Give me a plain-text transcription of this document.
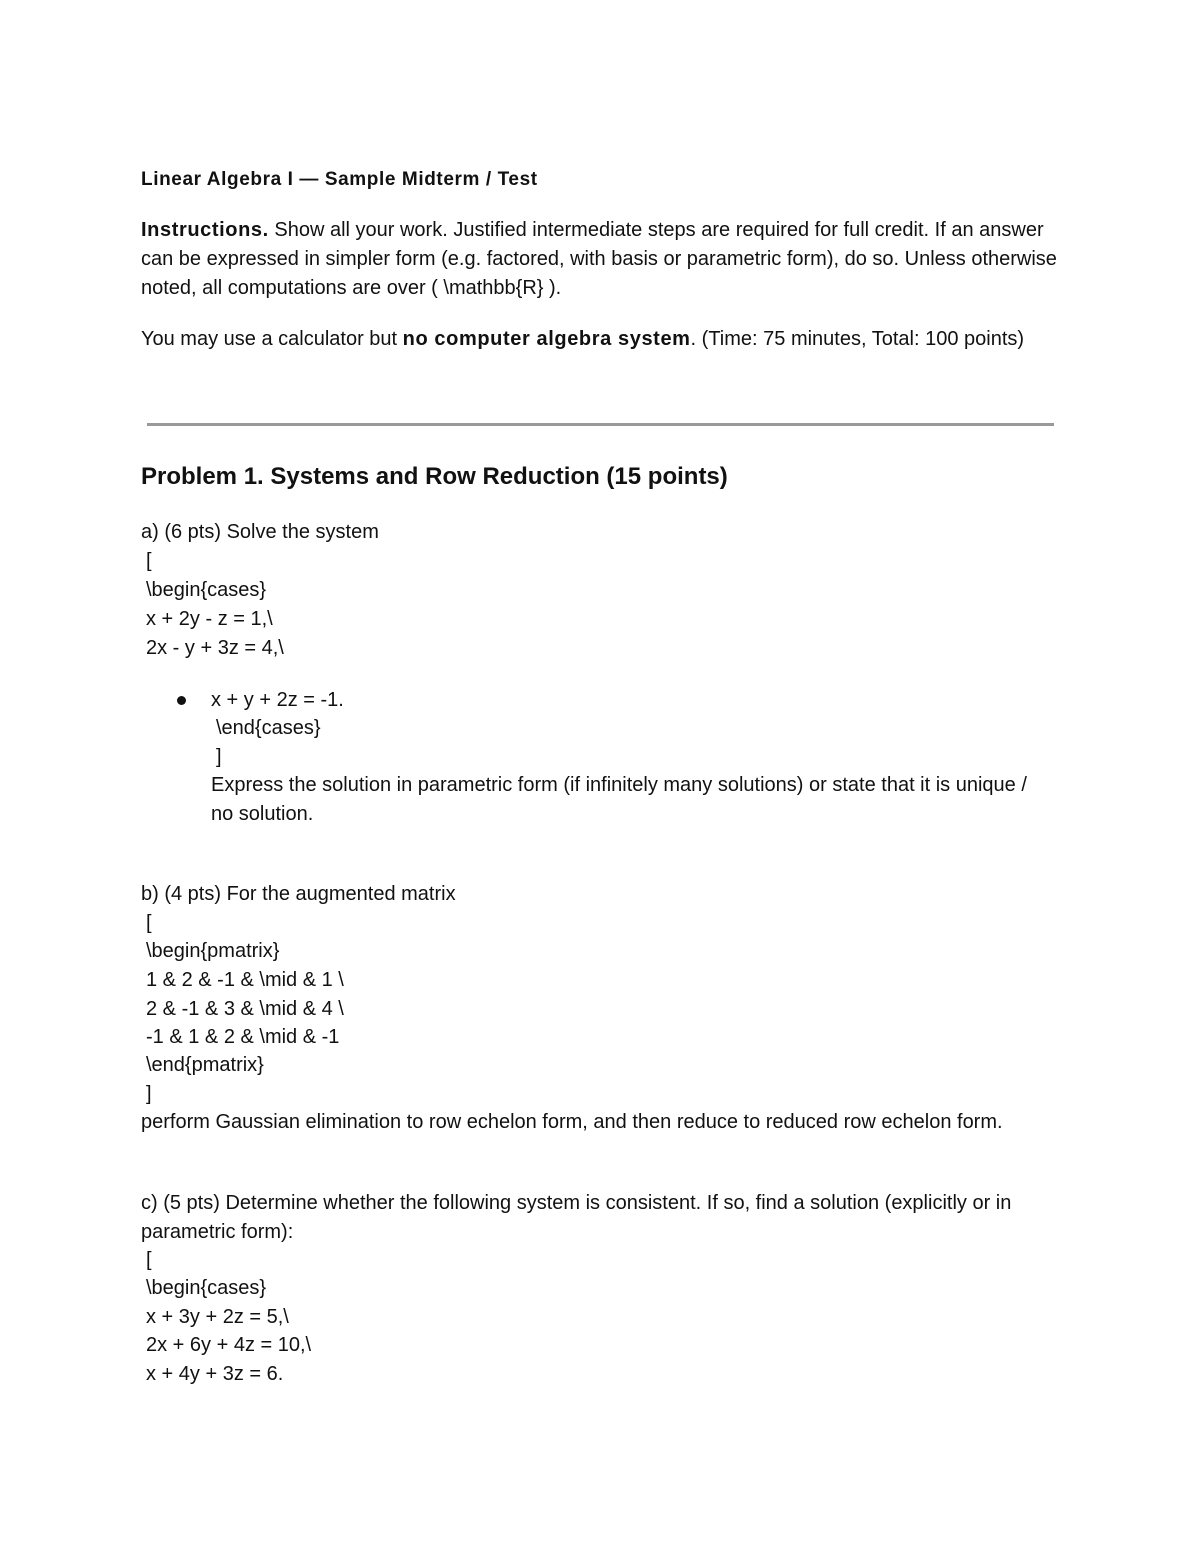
Linear Algebra I — Sample Midterm / Test

Instructions. Show all your work. Justified intermediate steps are required for full credit. If an answer can be expressed in simpler form (e.g. factored, with basis or parametric form), do so. Unless otherwise noted, all computations are over ( \mathbb{R} ).

You may use a calculator but no computer algebra system. (Time: 75 minutes, Total: 100 points)

Problem 1. Systems and Row Reduction (15 points)

a) (6 pts) Solve the system

[

\begin{cases}

x + 2y - z = 1,\

2x - y + 3z = 4,\

x + y + 2z = -1.

\end{cases}

]

Express the solution in parametric form (if infinitely many solutions) or state that it is unique / no solution.

b) (4 pts) For the augmented matrix

[

\begin{pmatrix}

1 & 2 & -1 & \mid & 1 \

2 & -1 & 3 & \mid & 4 \

-1 & 1 & 2 & \mid & -1

\end{pmatrix}

]

perform Gaussian elimination to row echelon form, and then reduce to reduced row echelon form.

c) (5 pts) Determine whether the following system is consistent. If so, find a solution (explicitly or in parametric form):

[

\begin{cases}

x + 3y + 2z = 5,\

2x + 6y + 4z = 10,\

x + 4y + 3z = 6.
